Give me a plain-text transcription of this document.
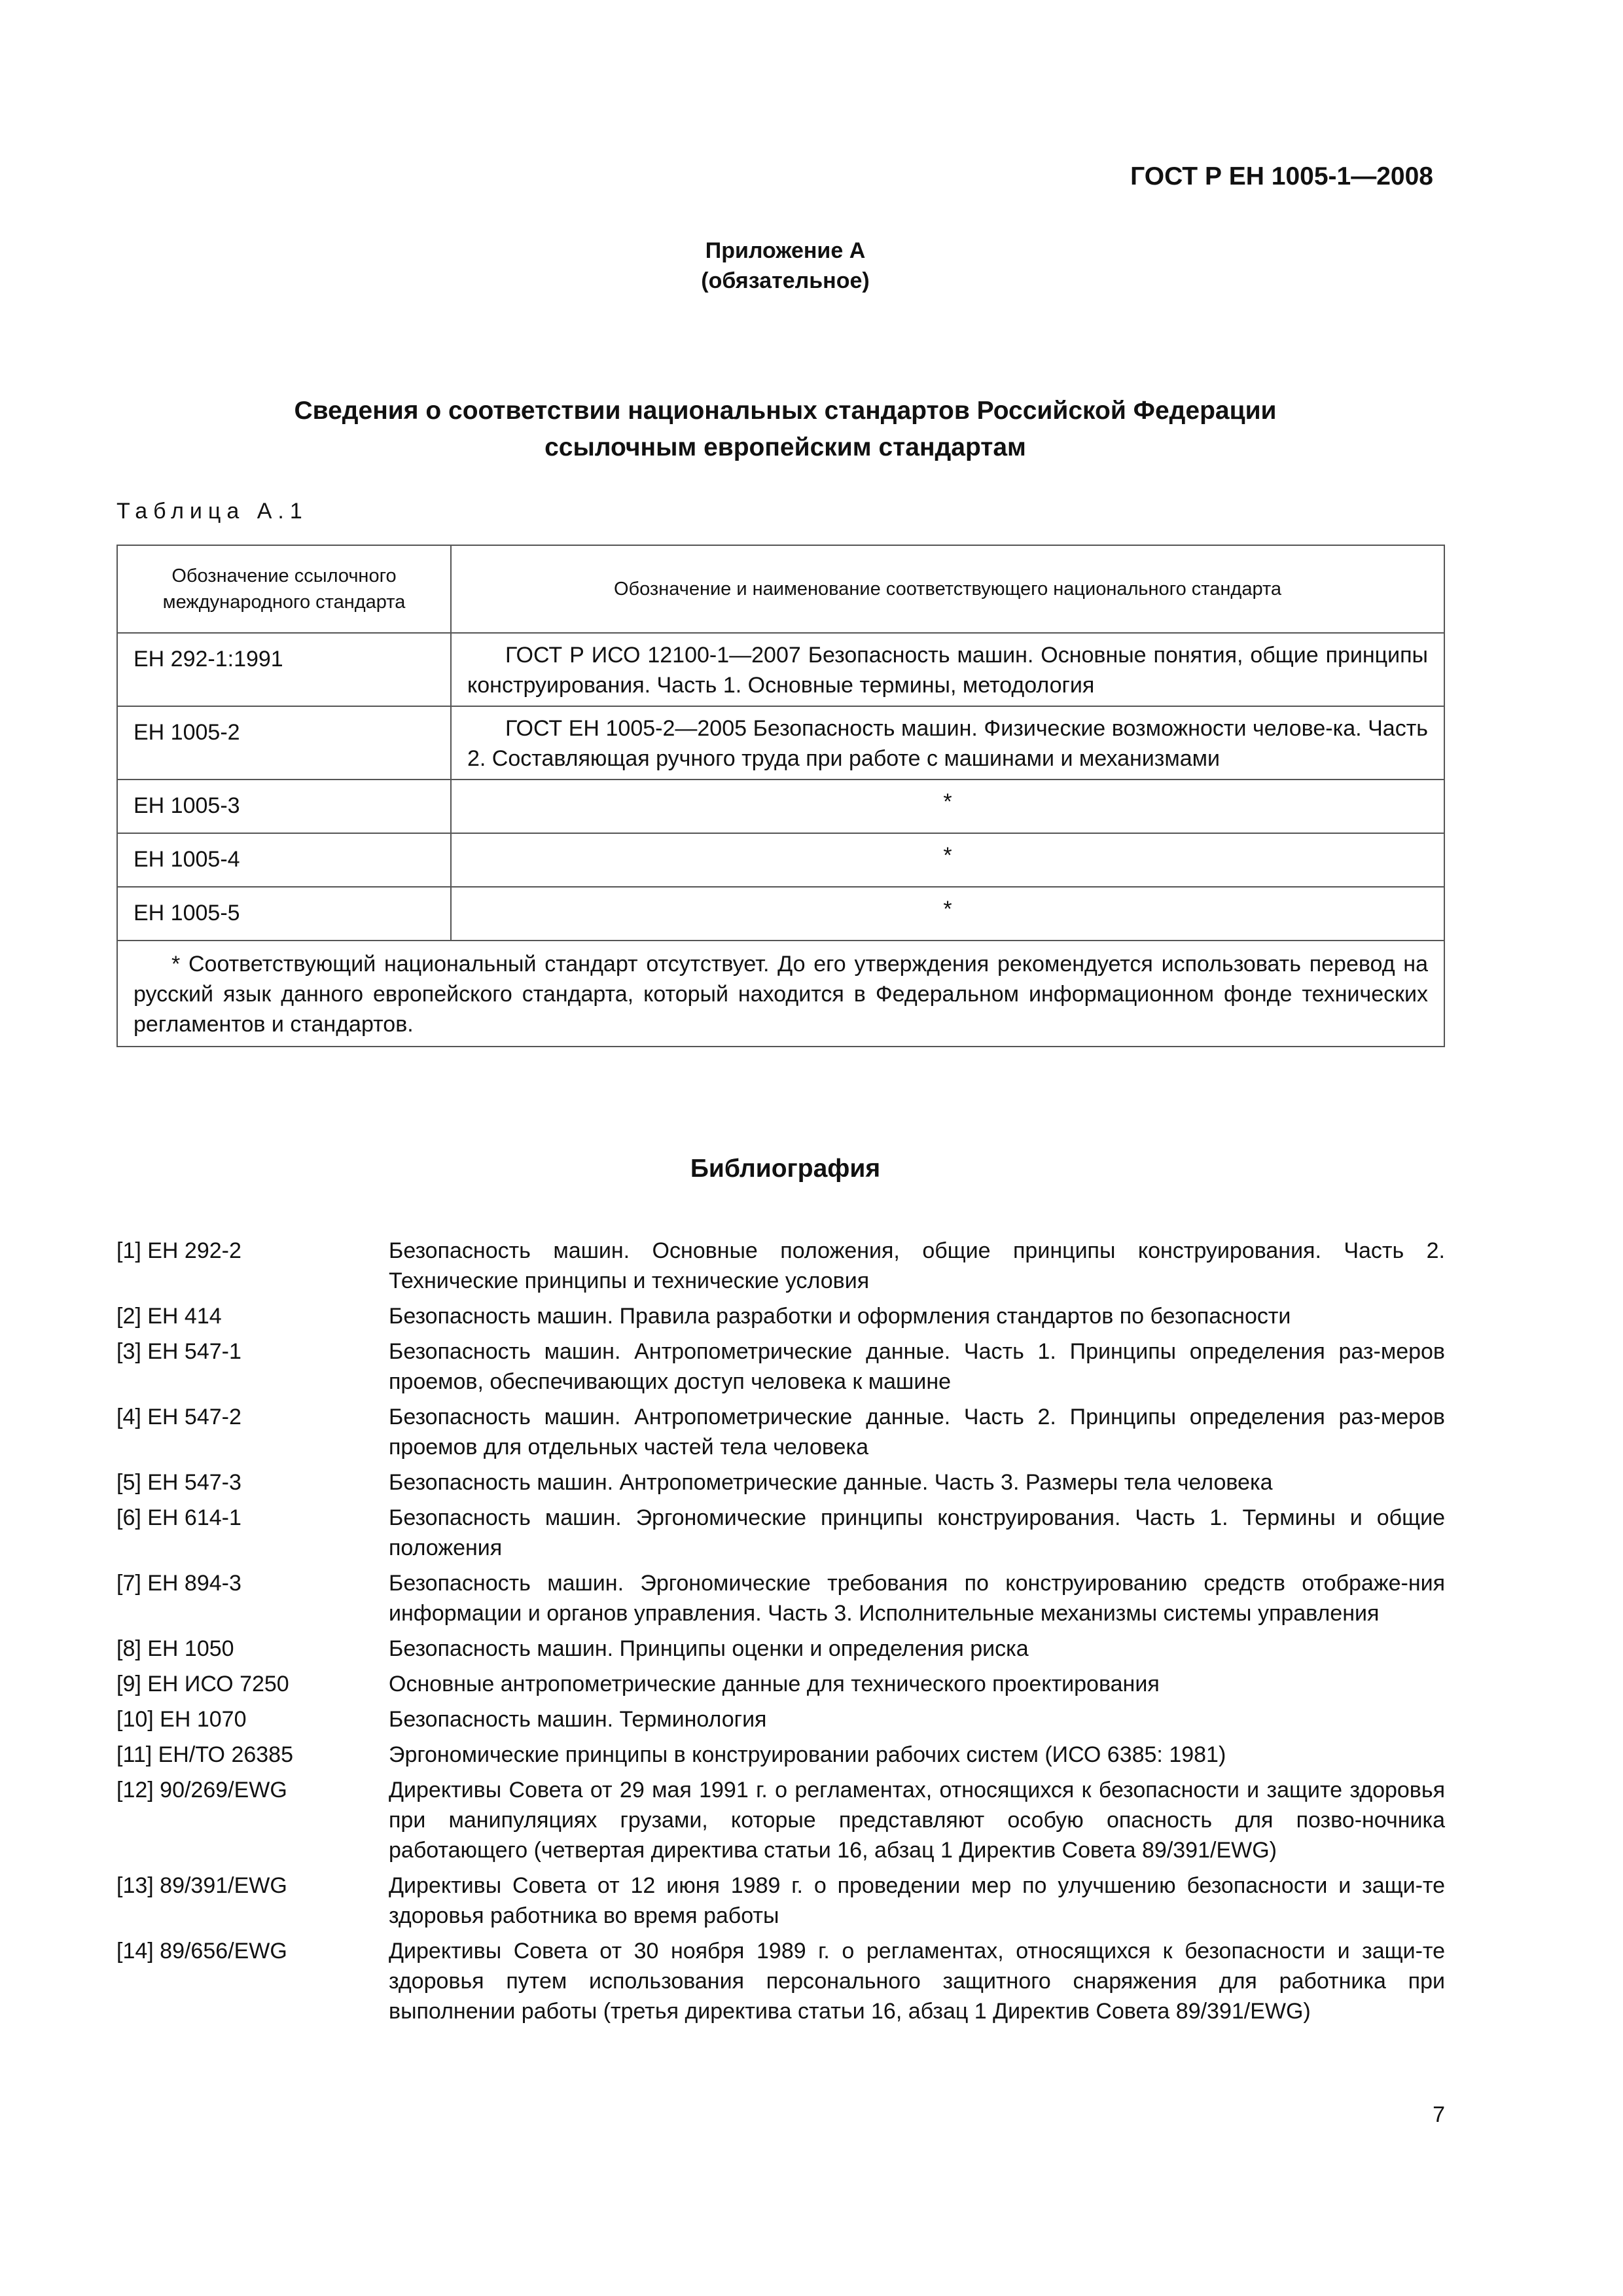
ГОСТ Р ЕН 1005-1—2008
Приложение А
(обязательное)
Сведения о соответствии национальных стандартов Российской Федерации
ссылочным европейским стандартам
Таблица А.1
Обозначение ссылочного
международного стандарта	Обозначение и наименование соответствующего национального стандарта
ЕН 292-1:1991	ГОСТ Р ИСО 12100-1—2007 Безопасность машин. Основные понятия, общие принципы конструирования. Часть 1. Основные термины, методология
ЕН 1005-2	ГОСТ ЕН 1005-2—2005 Безопасность машин. Физические возможности челове-ка. Часть 2. Составляющая ручного труда при работе с машинами и механизмами
ЕН 1005-3	*
ЕН 1005-4	*
ЕН 1005-5	*
* Соответствующий национальный стандарт отсутствует. До его утверждения рекомендуется использовать перевод на русский язык данного европейского стандарта, который находится в Федеральном информационном фонде технических регламентов и стандартов.	
Библиография
[1] ЕН 292-2	Безопасность машин. Основные положения, общие принципы конструирования. Часть 2. Технические принципы и технические условия
[2] ЕН 414	Безопасность машин. Правила разработки и оформления стандартов по безопасности
[3] ЕН 547-1	Безопасность машин. Антропометрические данные. Часть 1. Принципы определения раз-меров проемов, обеспечивающих доступ человека к машине
[4] ЕН 547-2	Безопасность машин. Антропометрические данные. Часть 2. Принципы определения раз-меров проемов для отдельных частей тела человека
[5] ЕН 547-3	Безопасность машин. Антропометрические данные. Часть 3. Размеры тела человека
[6] ЕН 614-1	Безопасность машин. Эргономические принципы конструирования. Часть 1. Термины и общие положения
[7] ЕН 894-3	Безопасность машин. Эргономические требования по конструированию средств отображе-ния информации и органов управления. Часть 3. Исполнительные механизмы системы управления
[8] ЕН 1050	Безопасность машин. Принципы оценки и определения риска
[9] ЕН ИСО 7250	Основные антропометрические данные для технического проектирования
[10] ЕН 1070	Безопасность машин. Терминология
[11] ЕН/ТО 26385	Эргономические принципы в конструировании рабочих систем (ИСО 6385: 1981)
[12] 90/269/EWG	Директивы Совета от 29 мая 1991 г. о регламентах, относящихся к безопасности и защите здоровья при манипуляциях грузами, которые представляют особую опасность для позво-ночника работающего (четвертая директива статьи 16, абзац 1 Директив Совета 89/391/EWG)
[13] 89/391/EWG	Директивы Совета от 12 июня 1989 г. о проведении мер по улучшению безопасности и защи-те здоровья работника во время работы
[14] 89/656/EWG	Директивы Совета от 30 ноября 1989 г. о регламентах, относящихся к безопасности и защи-те здоровья путем использования персонального защитного снаряжения для работника при выполнении работы (третья директива статьи 16, абзац 1 Директив Совета 89/391/EWG)
7
